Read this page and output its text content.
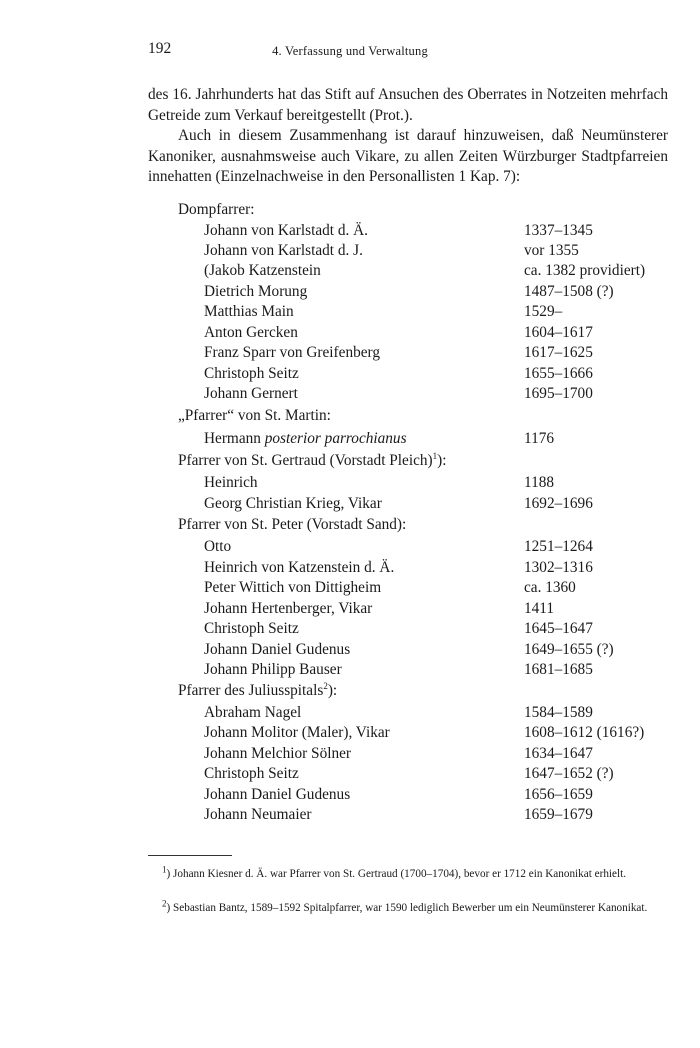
192	4. Verfassung und Verwaltung
des 16. Jahrhunderts hat das Stift auf Ansuchen des Oberrates in Notzeiten mehrfach Getreide zum Verkauf bereitgestellt (Prot.).
Auch in diesem Zusammenhang ist darauf hinzuweisen, daß Neumünsterer Kanoniker, ausnahmsweise auch Vikare, zu allen Zeiten Würzburger Stadtpfarreien innehatten (Einzelnachweise in den Personallisten 1 Kap. 7):
Dompfarrer:
Johann von Karlstadt d. Ä.	1337–1345
Johann von Karlstadt d. J.	vor 1355
(Jakob Katzenstein	ca. 1382 providiert)
Dietrich Morung	1487–1508 (?)
Matthias Main	1529–
Anton Gercken	1604–1617
Franz Sparr von Greifenberg	1617–1625
Christoph Seitz	1655–1666
Johann Gernert	1695–1700
„Pfarrer“ von St. Martin:
Hermann posterior parrochianus	1176
Pfarrer von St. Gertraud (Vorstadt Pleich)$^1$):
Heinrich	1188
Georg Christian Krieg, Vikar	1692–1696
Pfarrer von St. Peter (Vorstadt Sand):
Otto	1251–1264
Heinrich von Katzenstein d. Ä.	1302–1316
Peter Wittich von Dittigheim	ca. 1360
Johann Hertenberger, Vikar	1411
Christoph Seitz	1645–1647
Johann Daniel Gudenus	1649–1655 (?)
Johann Philipp Bauser	1681–1685
Pfarrer des Juliusspitals$^2$):
Abraham Nagel	1584–1589
Johann Molitor (Maler), Vikar	1608–1612 (1616?)
Johann Melchior Sölner	1634–1647
Christoph Seitz	1647–1652 (?)
Johann Daniel Gudenus	1656–1659
Johann Neumaier	1659–1679
$^1$) Johann Kiesner d. Ä. war Pfarrer von St. Gertraud (1700–1704), bevor er 1712 ein Kanonikat erhielt.
$^2$) Sebastian Bantz, 1589–1592 Spitalpfarrer, war 1590 lediglich Bewerber um ein Neumünsterer Kanonikat.
